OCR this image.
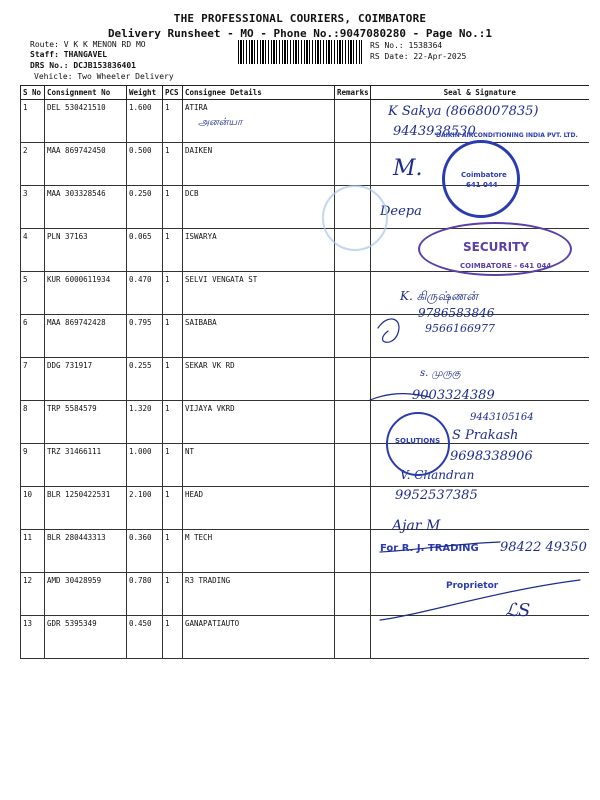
THE PROFESSIONAL COURIERS, COIMBATORE
Delivery Runsheet - MO - Phone No.:9047080280 - Page No.:1
Route: V K K MENON RD MO
Staff: THANGAVEL
DRS No.: DCJB153836401
Vehicle: Two Wheeler Delivery
RS No.: 1538364
RS Date: 22-Apr-2025
S No	Consignment No	Weight	PCS	Consignee Details	Remarks	Seal & Signature
1	DEL 530421510	1.600	1	ATIRA		
2	MAA 869742450	0.500	1	DAIKEN		
3	MAA 303328546	0.250	1	DCB		
4	PLN 37163	0.065	1	ISWARYA		
5	KUR 6000611934	0.470	1	SELVI VENGATA ST		
6	MAA 869742428	0.795	1	SAIBABA		
7	DDG 731917	0.255	1	SEKAR VK RD		
8	TRP 5584579	1.320	1	VIJAYA VKRD		
9	TRZ 31466111	1.000	1	NT		
10	BLR 1250422531	2.100	1	HEAD		
11	BLR 280443313	0.360	1	M TECH		
12	AMD 30428959	0.780	1	R3 TRADING		
13	GDR 5395349	0.450	1	GANAPATIAUTO		
K Sakya (8668007835)
9443938530
அனன்யா
M.
Deepa
K. கிருஷ்ணன்
9786583846
9566166977
s. முருகு
9003324389
9443105164
S Prakash
9698338906
V. Chandran
9952537385
Ajar M
98422 49350
ℒS
DAIKIN AIRCONDITIONING INDIA PVT. LTD.
Coimbatore
641 044
SECURITY
COIMBATORE - 641 044
SOLUTIONS
For R. J. TRADING
Proprietor
